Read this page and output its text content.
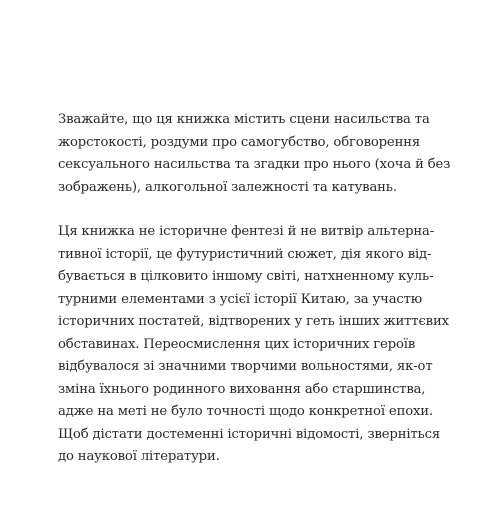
Зважайте, що ця книжка містить сцени насильства та
жорстокості, роздуми про самогубство, обговорення
сексуального насильства та згадки про нього (хоча й без
зображень), алкогольної залежності та катувань.
Ця книжка не історичне фентезі й не витвір альтерна-
тивної історії, це футуристичний сюжет, дія якого від-
бувається в цілковито іншому світі, натхненному куль-
турними елементами з усієї історії Китаю, за участю
історичних постатей, відтворених у геть інших життєвих
обставинах. Переосмислення цих історичних героїв
відбувалося зі значними творчими вольностями, як-от
зміна їхнього родинного виховання або старшинства,
адже на меті не було точності щодо конкретної епохи.
Щоб дістати достеменні історичні відомості, зверніться
до наукової літератури.
